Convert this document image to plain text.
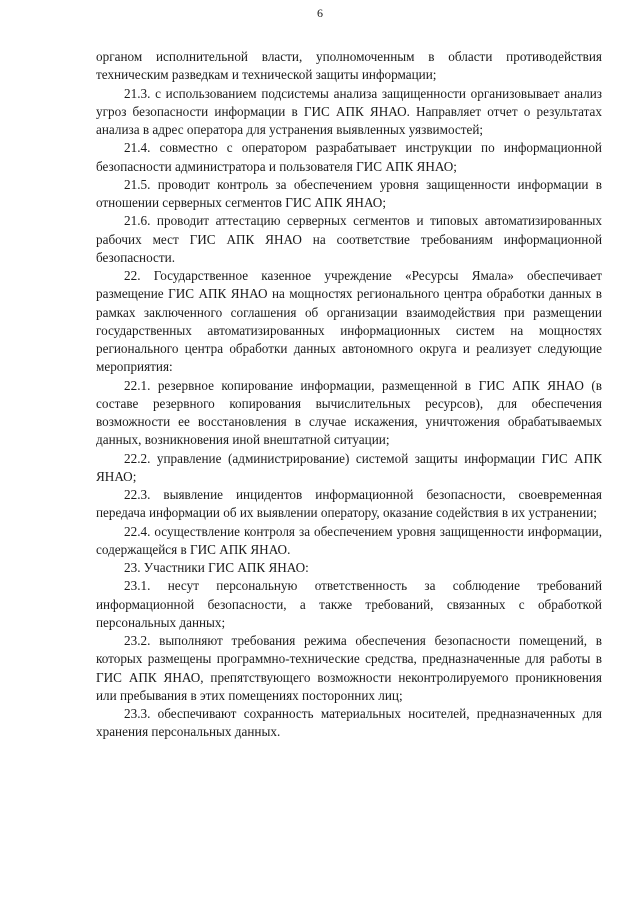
6

органом исполнительной власти, уполномоченным в области противодействия техническим разведкам и технической защиты информации;

21.3. с использованием подсистемы анализа защищенности организовывает анализ угроз безопасности информации в ГИС АПК ЯНАО. Направляет отчет о результатах анализа в адрес оператора для устранения выявленных уязвимостей;

21.4. совместно с оператором разрабатывает инструкции по информационной безопасности администратора и пользователя ГИС АПК ЯНАО;

21.5. проводит контроль за обеспечением уровня защищенности информации в отношении серверных сегментов ГИС АПК ЯНАО;

21.6. проводит аттестацию серверных сегментов и типовых автоматизированных рабочих мест ГИС АПК ЯНАО на соответствие требованиям информационной безопасности.

22. Государственное казенное учреждение «Ресурсы Ямала» обеспечивает размещение ГИС АПК ЯНАО на мощностях регионального центра обработки данных в рамках заключенного соглашения об организации взаимодействия при размещении государственных автоматизированных информационных систем на мощностях регионального центра обработки данных автономного округа и реализует следующие мероприятия:

22.1. резервное копирование информации, размещенной в ГИС АПК ЯНАО (в составе резервного копирования вычислительных ресурсов), для обеспечения возможности ее восстановления в случае искажения, уничтожения обрабатываемых данных, возникновения иной внештатной ситуации;

22.2. управление (администрирование) системой защиты информации ГИС АПК ЯНАО;

22.3. выявление инцидентов информационной безопасности, своевременная передача информации об их выявлении оператору, оказание содействия в их устранении;

22.4. осуществление контроля за обеспечением уровня защищенности информации, содержащейся в ГИС АПК ЯНАО.

23. Участники ГИС АПК ЯНАО:

23.1. несут персональную ответственность за соблюдение требований информационной безопасности, а также требований, связанных с обработкой персональных данных;

23.2. выполняют требования режима обеспечения безопасности помещений, в которых размещены программно-технические средства, предназначенные для работы в ГИС АПК ЯНАО, препятствующего возможности неконтролируемого проникновения или пребывания в этих помещениях посторонних лиц;

23.3. обеспечивают сохранность материальных носителей, предназначенных для хранения персональных данных.
